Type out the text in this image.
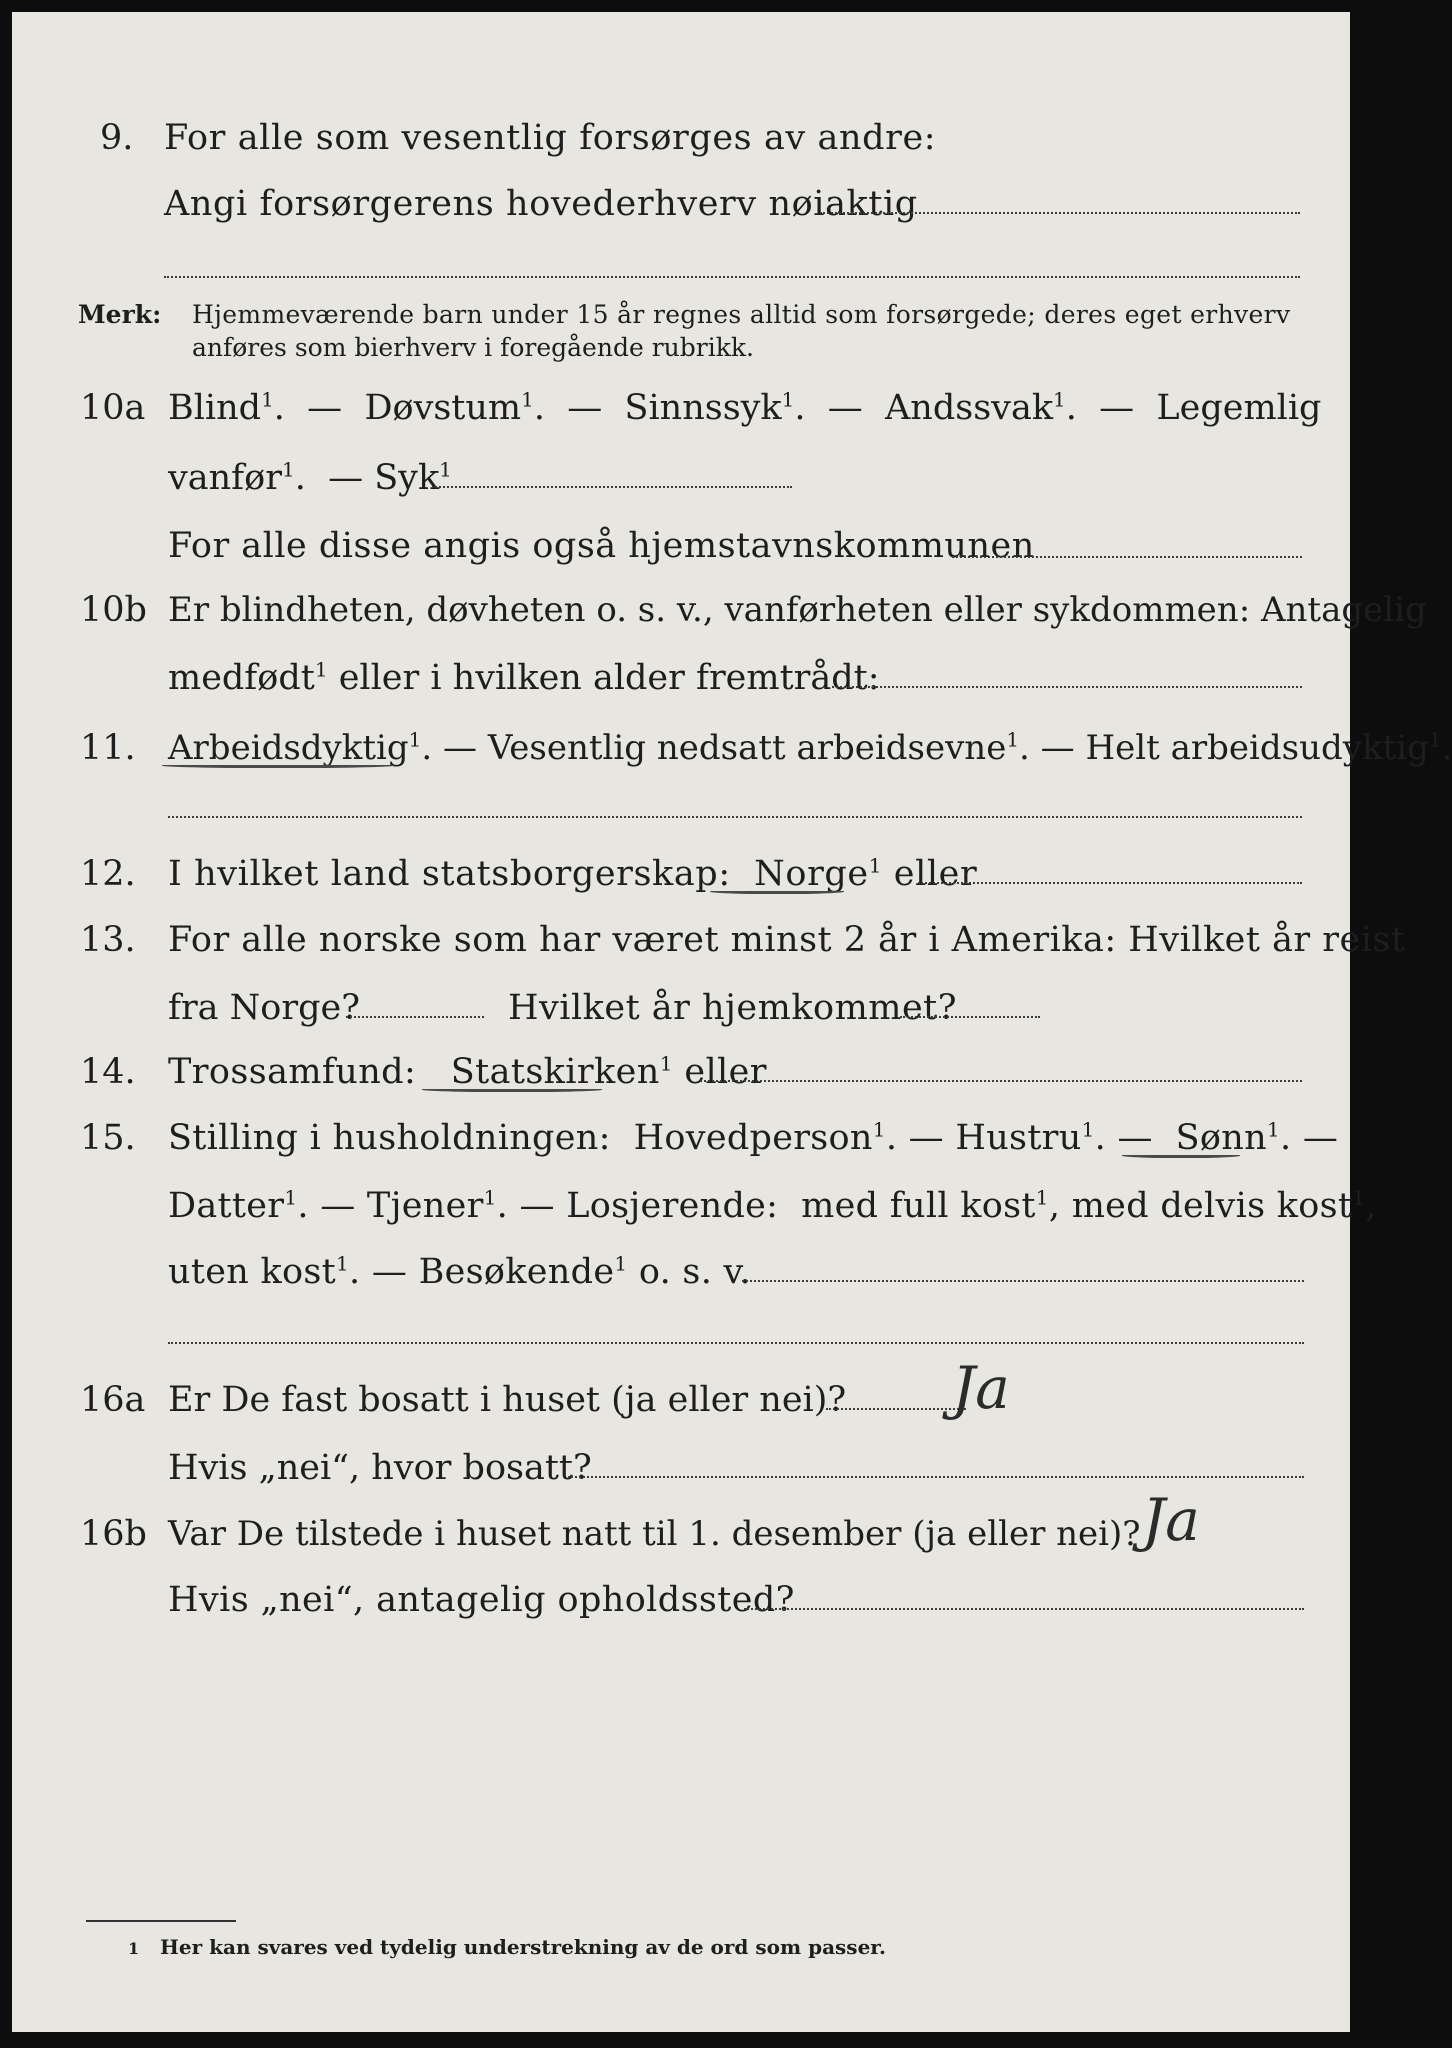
9. For alle som vesentlig forsørges av andre:
Angi forsørgerens hovederhverv nøiaktig
Merk: Hjemmeværende barn under 15 år regnes alltid som forsørgede; deres eget erhverv
anføres som bierhverv i foregående rubrikk.
10a Blind$^1$.  —  Døvstum$^1$.  —  Sinnssyk$^1$.  —  Andssvak$^1$.  —  Legemlig
vanfør$^1$.  — Syk$^1$
For alle disse angis også hjemstavnskommunen
10b Er blindheten, døvheten o. s. v., vanførheten eller sykdommen: Antagelig
medfødt$^1$ eller i hvilken alder fremtrådt:
11. Arbeidsdyktig$^1$. — Vesentlig nedsatt arbeidsevne$^1$. — Helt arbeidsudyktig$^1$.
12. I hvilket land statsborgerskap: Norge$^1$ eller
13. For alle norske som har været minst 2 år i Amerika: Hvilket år reist
fra Norge?	Hvilket år hjemkommet?
14. Trossamfund: Statskirken$^1$ eller
15. Stilling i husholdningen: Hovedperson$^1$. — Hustru$^1$. —  Sønn$^1$. —
Datter$^1$. — Tjener$^1$. — Losjerende: med full kost$^1$, med delvis kost$^1$,
uten kost$^1$. — Besøkende$^1$ o. s. v.
16a Er De fast bosatt i huset (ja eller nei)? Ja
Hvis „nei“, hvor bosatt?
16b Var De tilstede i huset natt til 1. desember (ja eller nei)? Ja
Hvis „nei“, antagelig opholdssted?
1 Her kan svares ved tydelig understrekning av de ord som passer.
